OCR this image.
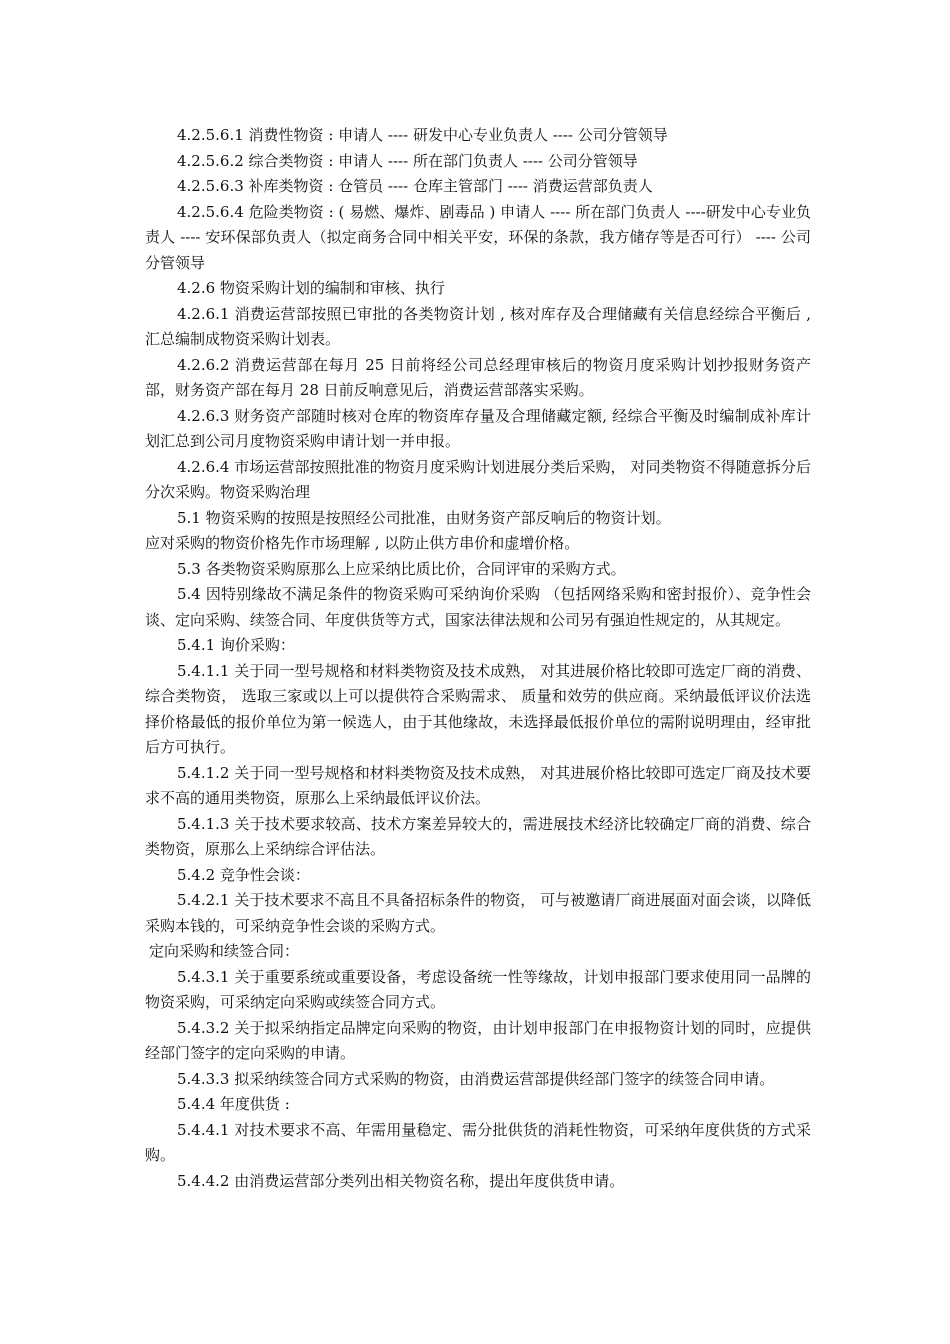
4.2.5.6.1 消费性物资 : 申请人 ---- 研发中心专业负责人 ---- 公司分管领导

4.2.5.6.2 综合类物资 : 申请人 ---- 所在部门负责人 ---- 公司分管领导

4.2.5.6.3 补库类物资 : 仓管员 ---- 仓库主管部门 ---- 消费运营部负责人

4.2.5.6.4 危险类物资 : ( 易燃、爆炸、剧毒品 ) 申请人 ---- 所在部门负责人 ----研发中心专业负责人 ---- 安环保部负责人（拟定商务合同中相关平安，环保的条款，我方储存等是否可行） ---- 公司分管领导

4.2.6 物资采购计划的编制和审核、执行

4.2.6.1 消费运营部按照已审批的各类物资计划 , 核对库存及合理储藏有关信息经综合平衡后 , 汇总编制成物资采购计划表。

4.2.6.2 消费运营部在每月 25 日前将经公司总经理审核后的物资月度采购计划抄报财务资产部，财务资产部在每月 28 日前反响意见后，消费运营部落实采购。

4.2.6.3 财务资产部随时核对仓库的物资库存量及合理储藏定额, 经综合平衡及时编制成补库计划汇总到公司月度物资采购申请计划一并申报。

4.2.6.4 市场运营部按照批准的物资月度采购计划进展分类后采购， 对同类物资不得随意拆分后分次采购。物资采购治理

5.1 物资采购的按照是按照经公司批准，由财务资产部反响后的物资计划。

应对采购的物资价格先作市场理解 , 以防止供方串价和虚增价格。

5.3 各类物资采购原那么上应采纳比质比价，合同评审的采购方式。

5.4 因特别缘故不满足条件的物资采购可采纳询价采购 （包括网络采购和密封报价）、竞争性会谈、定向采购、续签合同、年度供货等方式，国家法律法规和公司另有强迫性规定的，从其规定。

5.4.1 询价采购：

5.4.1.1 关于同一型号规格和材料类物资及技术成熟， 对其进展价格比较即可选定厂商的消费、 综合类物资， 选取三家或以上可以提供符合采购需求、 质量和效劳的供应商。采纳最低评议价法选择价格最低的报价单位为第一候选人，由于其他缘故，未选择最低报价单位的需附说明理由，经审批后方可执行。

5.4.1.2 关于同一型号规格和材料类物资及技术成熟， 对其进展价格比较即可选定厂商及技术要求不高的通用类物资，原那么上采纳最低评议价法。

5.4.1.3 关于技术要求较高、技术方案差异较大的，需进展技术经济比较确定厂商的消费、综合类物资，原那么上采纳综合评估法。

5.4.2 竞争性会谈：

5.4.2.1 关于技术要求不高且不具备招标条件的物资， 可与被邀请厂商进展面对面会谈，以降低采购本钱的，可采纳竞争性会谈的采购方式。

定向采购和续签合同：

5.4.3.1 关于重要系统或重要设备，考虑设备统一性等缘故，计划申报部门要求使用同一品牌的物资采购，可采纳定向采购或续签合同方式。

5.4.3.2 关于拟采纳指定品牌定向采购的物资，由计划申报部门在申报物资计划的同时，应提供经部门签字的定向采购的申请。

5.4.3.3 拟采纳续签合同方式采购的物资，由消费运营部提供经部门签字的续签合同申请。

5.4.4 年度供货 :

5.4.4.1 对技术要求不高、年需用量稳定、需分批供货的消耗性物资，可采纳年度供货的方式采购。

5.4.4.2 由消费运营部分类列出相关物资名称，提出年度供货申请。
